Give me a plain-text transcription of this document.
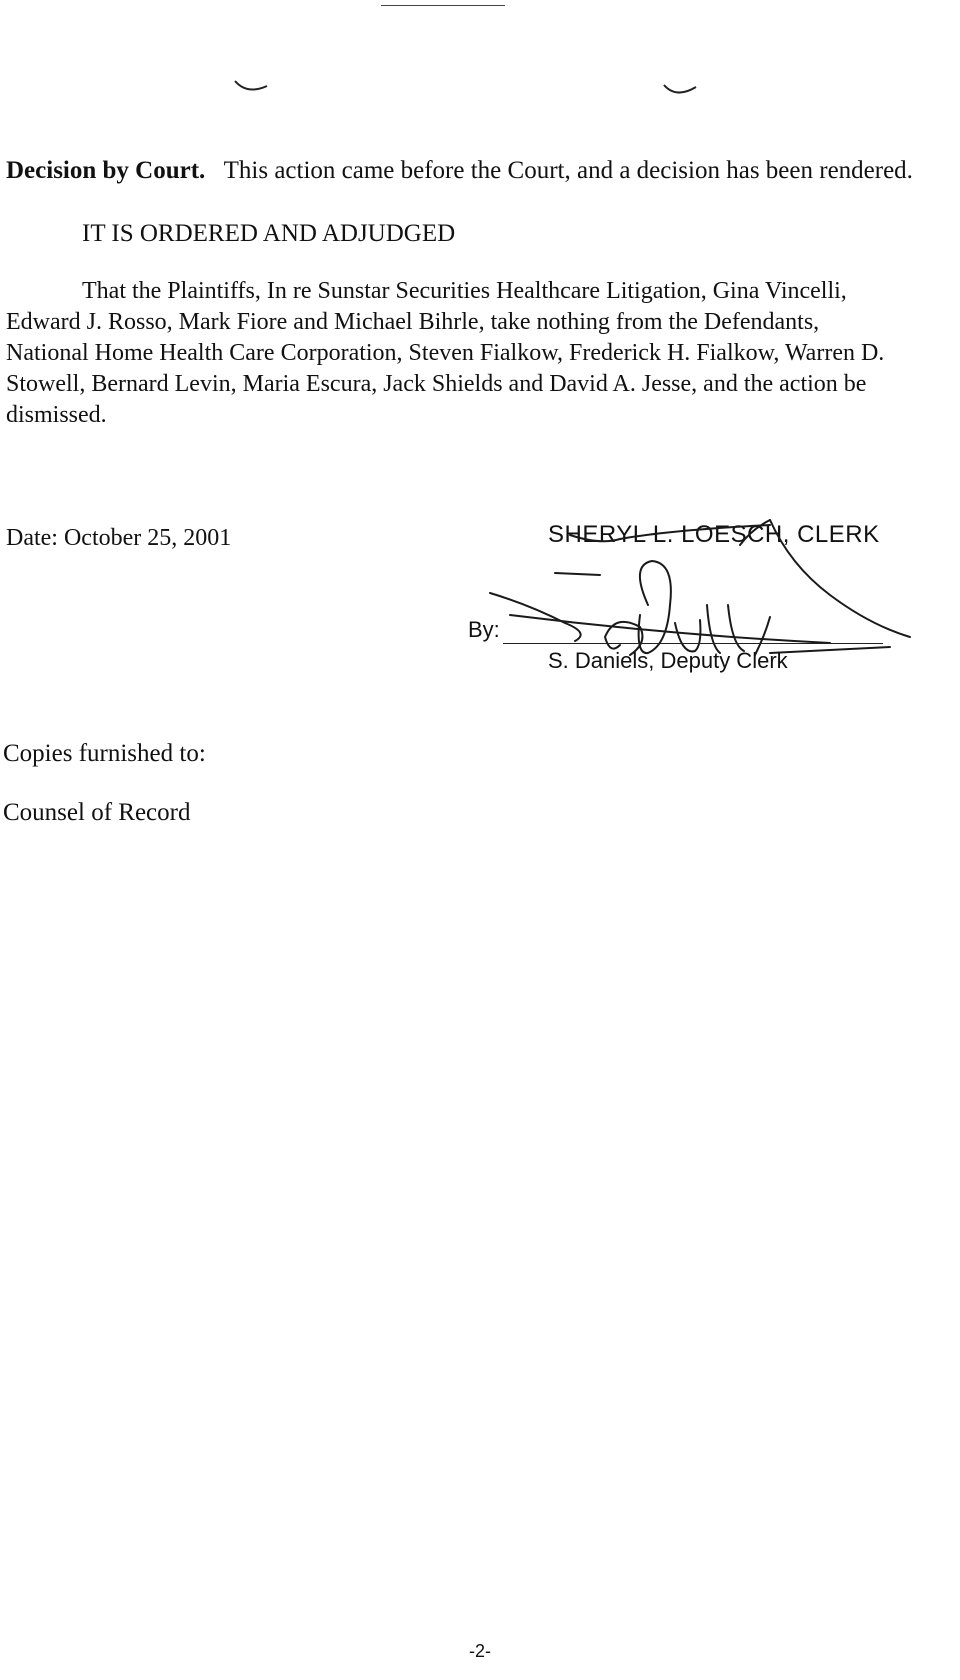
Decision by Court. This action came before the Court, and a decision has been rendered.
IT IS ORDERED AND ADJUDGED
That the Plaintiffs, In re Sunstar Securities Healthcare Litigation, Gina Vincelli,
Edward J. Rosso, Mark Fiore and Michael Bihrle, take nothing from the Defendants,
National Home Health Care Corporation, Steven Fialkow, Frederick H. Fialkow, Warren D.
Stowell, Bernard Levin, Maria Escura, Jack Shields and David A. Jesse, and the action be
dismissed.
Date: October 25, 2001	SHERYL L. LOESCH, CLERK
By:
S. Daniels, Deputy Clerk
Copies furnished to:
Counsel of Record
-2-
